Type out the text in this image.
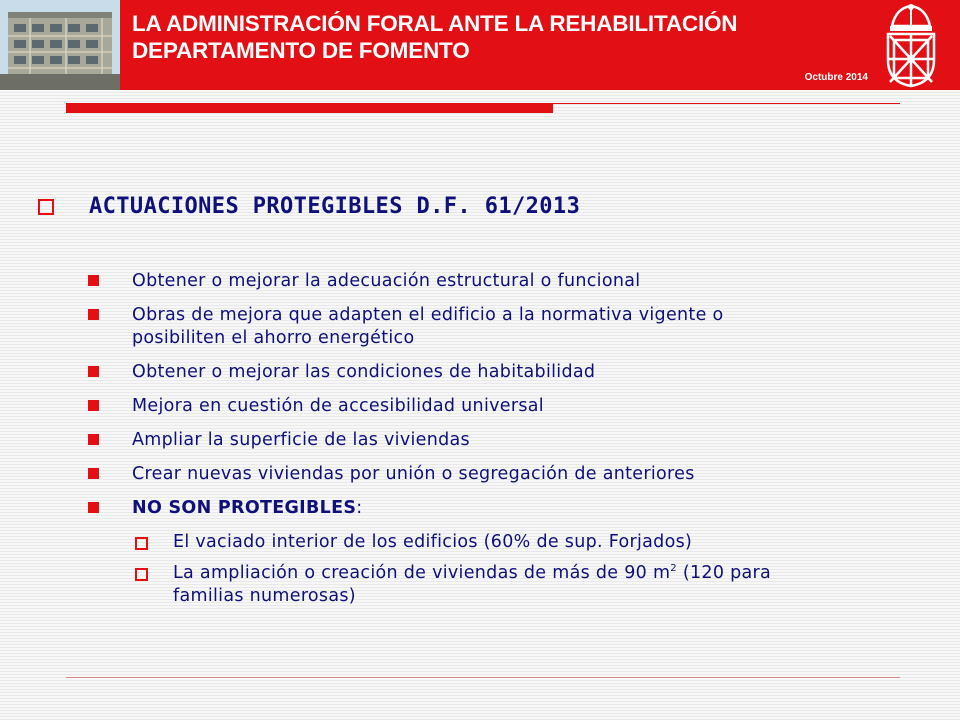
LA ADMINISTRACIÓN FORAL ANTE LA REHABILITACIÓN
DEPARTAMENTO DE FOMENTO
Octubre 2014
ACTUACIONES PROTEGIBLES D.F. 61/2013
Obtener o mejorar la adecuación estructural o funcional
Obras de mejora que adapten el edificio a la normativa vigente o
posibiliten el ahorro energético
Obtener o mejorar las condiciones de habitabilidad
Mejora en cuestión de accesibilidad universal
Ampliar la superficie de las viviendas
Crear nuevas viviendas por unión o segregación de anteriores
NO SON PROTEGIBLES:
El vaciado interior de los edificios (60% de sup. Forjados)
La ampliación o creación de viviendas de más de 90 $m^2$ (120 para
familias numerosas)
